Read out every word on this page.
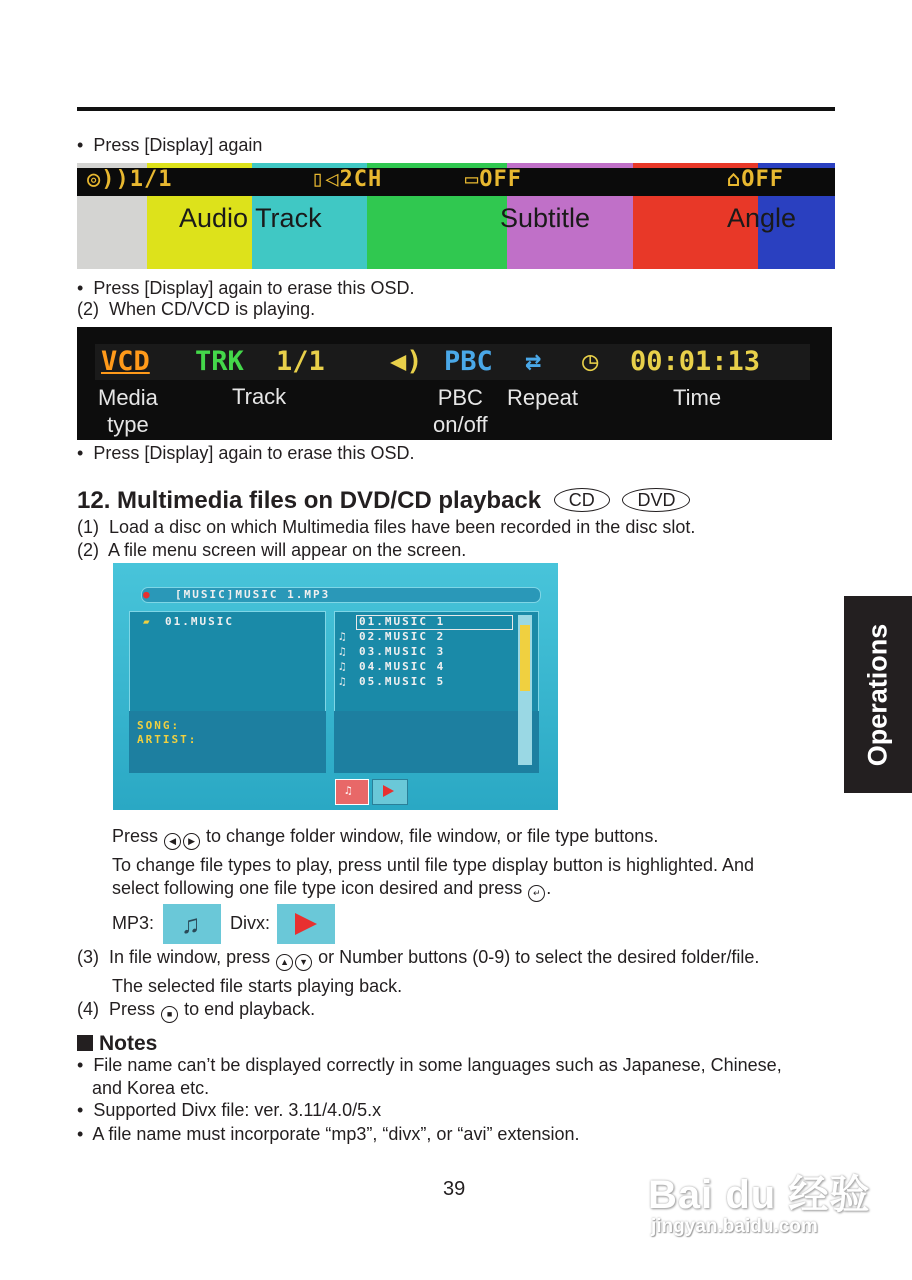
•  Press [Display] again
◎))1/1	▯◁2CH	▭OFF	⌂OFF
Audio Track	Subtitle	Angle
•  Press [Display] again to erase this OSD.
(2) When CD/VCD is playing.
VCD TRK 1/1 ◀︎) PBC ⇄ ◷ 00:01:13
Media
type
Track	PBC
on/off
Repeat	Time
•  Press [Display] again to erase this OSD.
12. Multimedia files on DVD/CD playback CD DVD
(1) Load a disc on which Multimedia files have been recorded in the disc slot.
(2) A file menu screen will appear on the screen.
● [MUSIC]MUSIC 1.MP3
▰ 01.MUSIC
SONG:
ARTIST:
♫
♫
♫
♫
01.MUSIC 1
02.MUSIC 2
03.MUSIC 3
04.MUSIC 4
05.MUSIC 5
♫
Press ◀ ▶ to change folder window, file window, or file type buttons.
To change file types to play, press until file type display button is highlighted. And
select following one file type icon desired and press ↵ .
MP3: ♫ Divx:
(3) In file window, press ▲ ▼ or Number buttons (0-9) to select the desired folder/file.
The selected file starts playing back.
(4) Press ■ to end playback.
Notes
•  File name can’t be displayed correctly in some languages such as Japanese, Chinese,
and Korea etc.
•  Supported Divx file: ver. 3.11/4.0/5.x
•  A file name must incorporate “mp3”, “divx”, or “avi” extension.
Operations
39	Bai du 经验
jingyan.baidu.com
